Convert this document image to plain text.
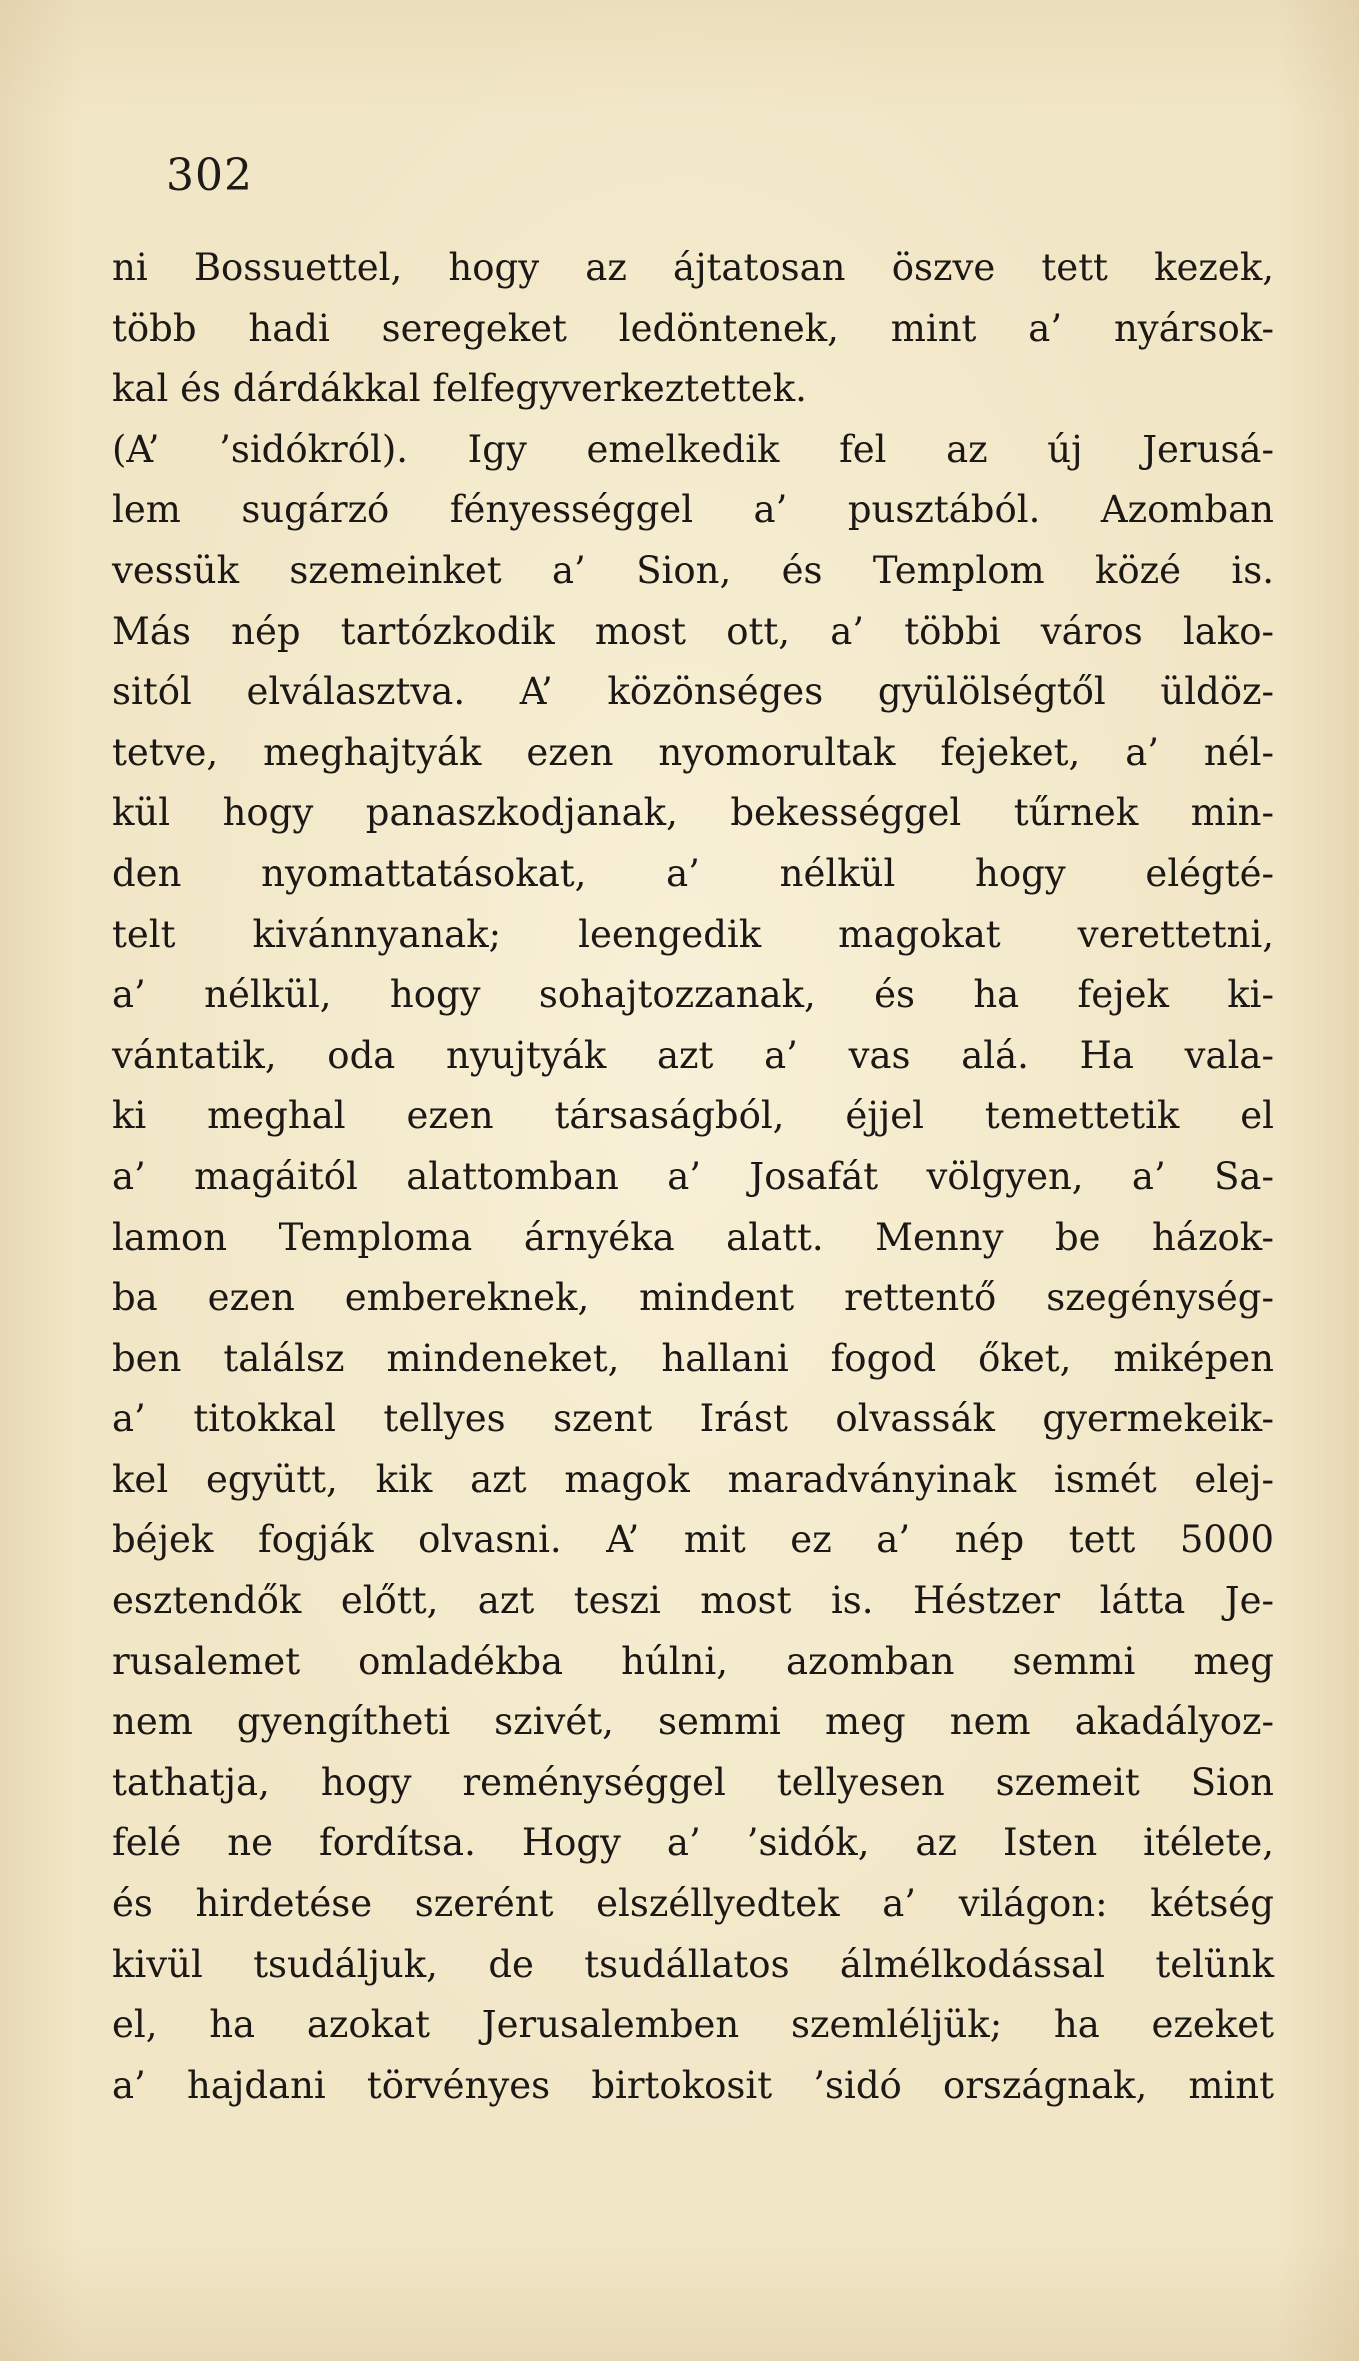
302
ni Bossuettel, hogy az ájtatosan öszve tett kezek,
több hadi seregeket ledöntenek, mint a’ nyársok-
kal és dárdákkal felfegyverkeztettek.
(A’ ’sidókról). Igy emelkedik fel az új Jerusá-
lem sugárzó fényességgel a’ pusztából. Azomban
vessük szemeinket a’ Sion, és Templom közé is.
Más nép tartózkodik most ott, a’ többi város lako-
sitól elválasztva. A’ közönséges gyülölségtől üldöz-
tetve, meghajtyák ezen nyomorultak fejeket, a’ nél-
kül hogy panaszkodjanak, bekességgel tűrnek min-
den nyomattatásokat, a’ nélkül hogy elégté-
telt kivánnyanak; leengedik magokat verettetni,
a’ nélkül, hogy sohajtozzanak, és ha fejek ki-
vántatik, oda nyujtyák azt a’ vas alá. Ha vala-
ki meghal ezen társaságból, éjjel temettetik el
a’ magáitól alattomban a’ Josafát völgyen, a’ Sa-
lamon Temploma árnyéka alatt. Menny be házok-
ba ezen embereknek, mindent rettentő szegénység-
ben találsz mindeneket, hallani fogod őket, miképen
a’ titokkal tellyes szent Irást olvassák gyermekeik-
kel együtt, kik azt magok maradványinak ismét elej-
béjek fogják olvasni. A’ mit ez a’ nép tett 5000
esztendők előtt, azt teszi most is. Héstzer látta Je-
rusalemet omladékba húlni, azomban semmi meg
nem gyengítheti szivét, semmi meg nem akadályoz-
tathatja, hogy reménységgel tellyesen szemeit Sion
felé ne fordítsa. Hogy a’ ’sidók, az Isten itélete,
és hirdetése szerént elszéllyedtek a’ világon: kétség
kivül tsudáljuk, de tsudállatos álmélkodással telünk
el, ha azokat Jerusalemben szemléljük; ha ezeket
a’ hajdani törvényes birtokosit ’sidó országnak, mint
